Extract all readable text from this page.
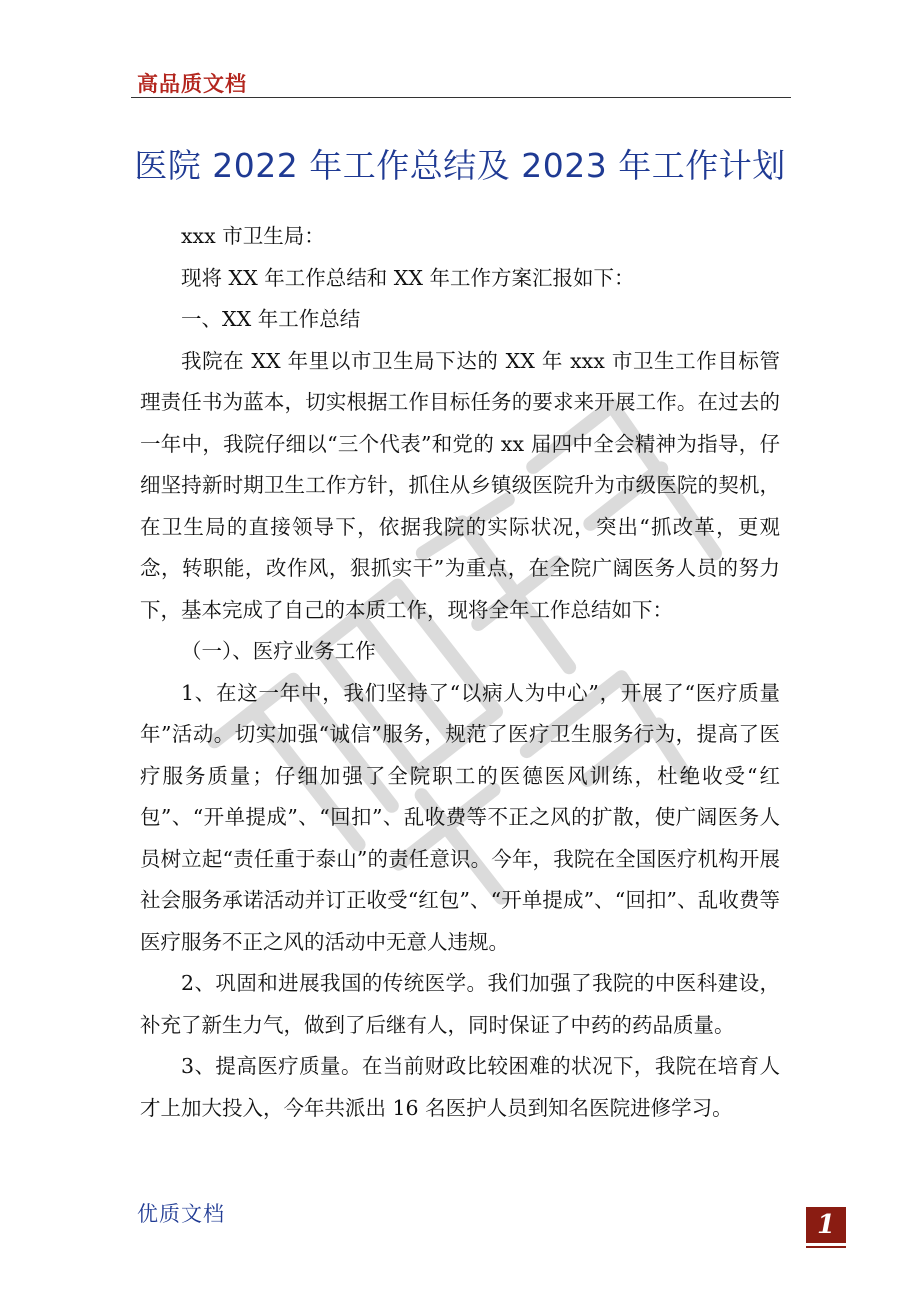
高品质文档
医院 2022 年工作总结及 2023 年工作计划

xxx 市卫生局：

现将 XX 年工作总结和 XX 年工作方案汇报如下：

一、XX 年工作总结

我院在 XX 年里以市卫生局下达的 XX 年 xxx 市卫生工作目标管理责任书为蓝本，切实根据工作目标任务的要求来开展工作。在过去的一年中，我院仔细以“三个代表”和党的 xx 届四中全会精神为指导，仔细坚持新时期卫生工作方针，抓住从乡镇级医院升为市级医院的契机，在卫生局的直接领导下，依据我院的实际状况，突出“抓改革，更观念，转职能，改作风，狠抓实干”为重点，在全院广阔医务人员的努力下，基本完成了自己的本质工作，现将全年工作总结如下：

（一）、医疗业务工作

1、在这一年中，我们坚持了“以病人为中心”，开展了“医疗质量年”活动。切实加强“诚信”服务，规范了医疗卫生服务行为，提高了医疗服务质量；仔细加强了全院职工的医德医风训练，杜绝收受“红包”、“开单提成”、“回扣”、乱收费等不正之风的扩散，使广阔医务人员树立起“责任重于泰山”的责任意识。今年，我院在全国医疗机构开展社会服务承诺活动并订正收受“红包”、“开单提成”、“回扣”、乱收费等医疗服务不正之风的活动中无意人违规。

2、巩固和进展我国的传统医学。我们加强了我院的中医科建设，补充了新生力气，做到了后继有人，同时保证了中药的药品质量。

3、提高医疗质量。在当前财政比较困难的状况下，我院在培育人才上加大投入，今年共派出 16 名医护人员到知名医院进修学习。

优质文档	1
